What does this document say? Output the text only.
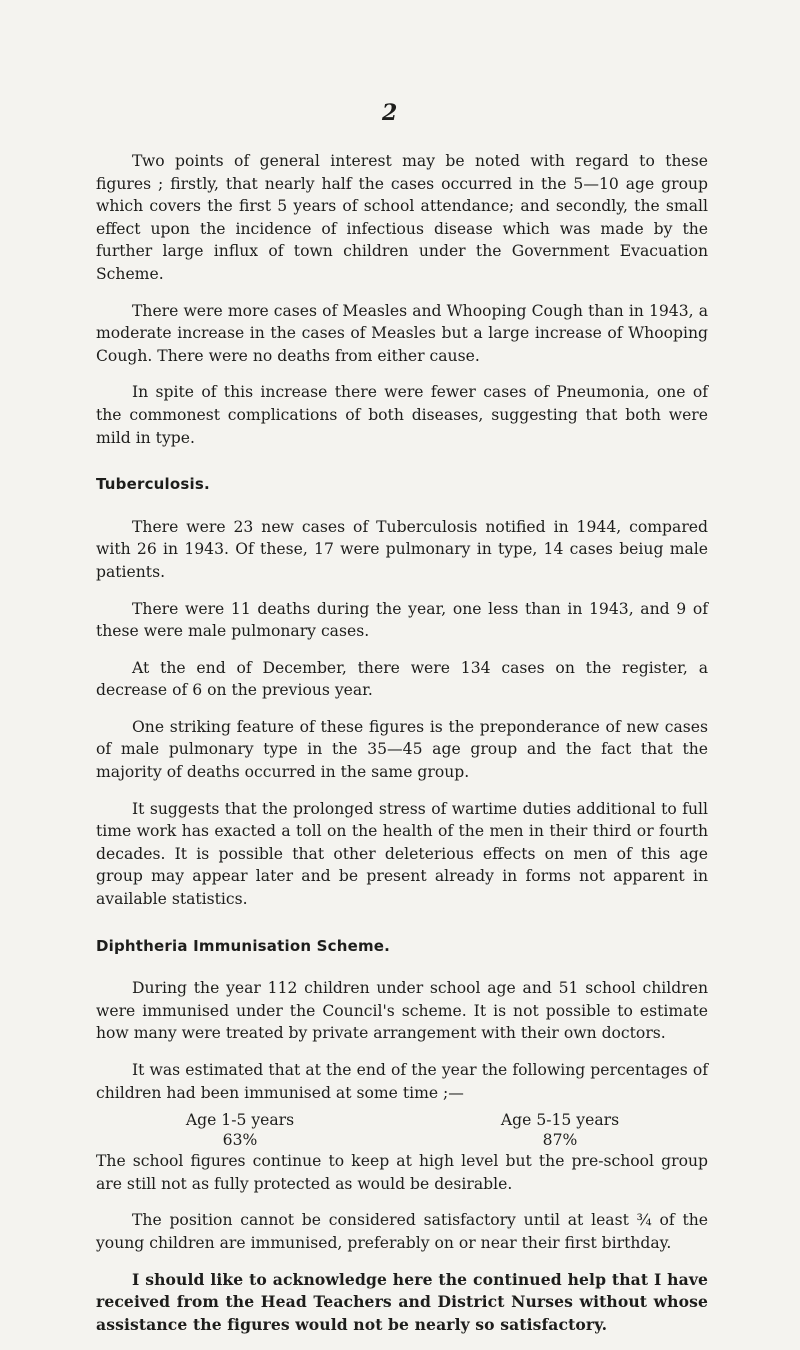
2

Two points of general interest may be noted with regard to these figures ; firstly, that nearly half the cases occurred in the 5—10 age group which covers the first 5 years of school attendance; and secondly, the small effect upon the incidence of infectious disease which was made by the further large influx of town children under the Government Evacuation Scheme.

There were more cases of Measles and Whooping Cough than in 1943, a moderate increase in the cases of Measles but a large increase of Whooping Cough. There were no deaths from either cause.

In spite of this increase there were fewer cases of Pneumonia, one of the commonest complications of both diseases, suggesting that both were mild in type.

Tuberculosis.

There were 23 new cases of Tuberculosis notified in 1944, compared with 26 in 1943. Of these, 17 were pulmonary in type, 14 cases beiug male patients.

There were 11 deaths during the year, one less than in 1943, and 9 of these were male pulmonary cases.

At the end of December, there were 134 cases on the register, a decrease of 6 on the previous year.

One striking feature of these figures is the preponderance of new cases of male pulmonary type in the 35—45 age group and the fact that the majority of deaths occurred in the same group.

It suggests that the prolonged stress of wartime duties additional to full time work has exacted a toll on the health of the men in their third or fourth decades. It is possible that other deleterious effects on men of this age group may appear later and be present already in forms not apparent in available statistics.

Diphtheria Immunisation Scheme.

During the year 112 children under school age and 51 school children were immunised under the Council's scheme. It is not possible to estimate how many were treated by private arrangement with their own doctors.

It was estimated that at the end of the year the following percentages of children had been immunised at some time ;—

Age 1-5 years
63%
Age 5-15 years
87%

The school figures continue to keep at high level but the pre-school group are still not as fully protected as would be desirable.

The position cannot be considered satisfactory until at least ¾ of the young children are immunised, preferably on or near their first birthday.

I should like to acknowledge here the continued help that I have received from the Head Teachers and District Nurses without whose assistance the figures would not be nearly so satisfactory.
